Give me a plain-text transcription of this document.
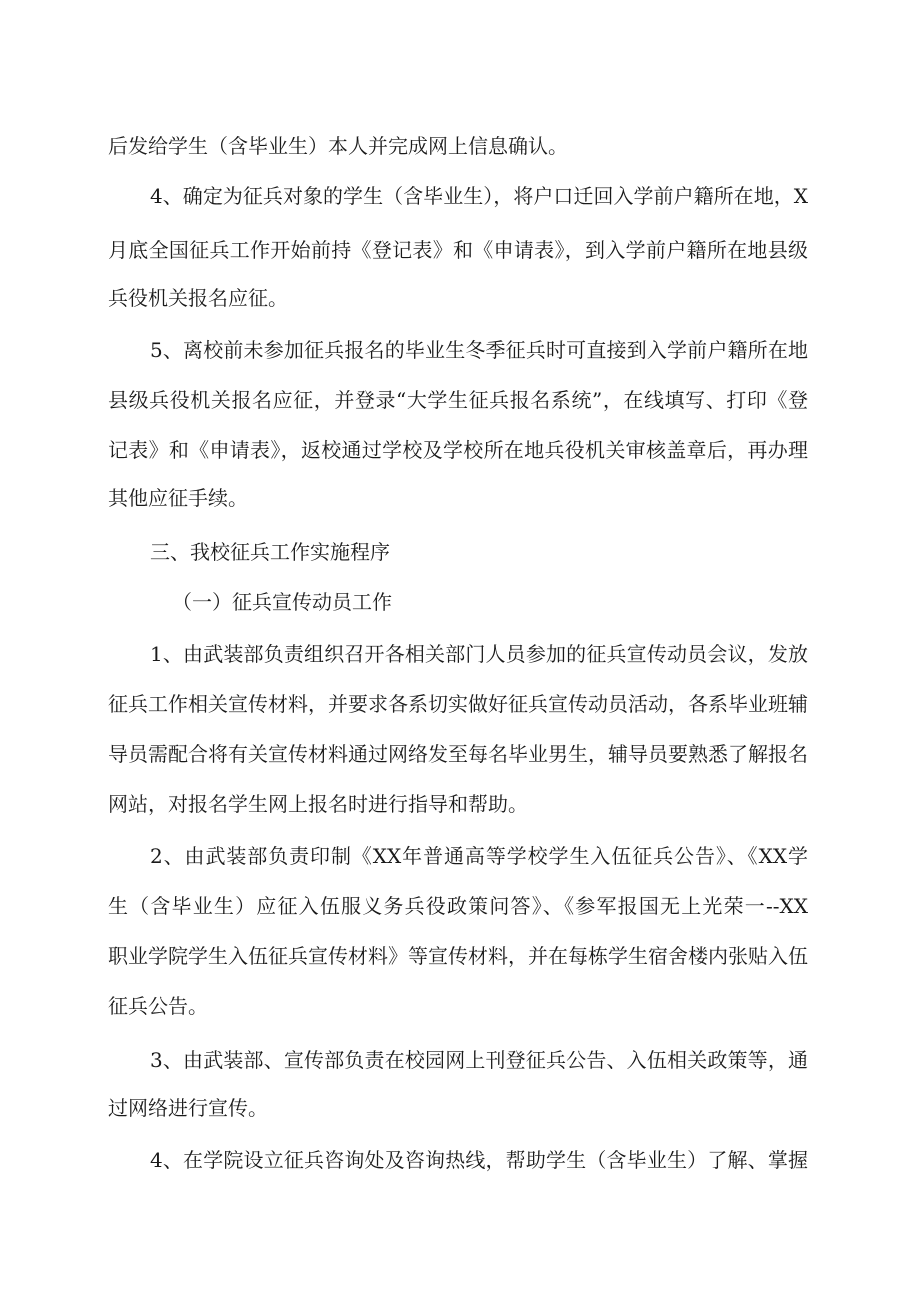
后发给学生（含毕业生）本人并完成网上信息确认。
4、确定为征兵对象的学生（含毕业生），将户口迁回入学前户籍所在地，X
月底全国征兵工作开始前持《登记表》和《申请表》，到入学前户籍所在地县级
兵役机关报名应征。
5、离校前未参加征兵报名的毕业生冬季征兵时可直接到入学前户籍所在地
县级兵役机关报名应征，并登录“大学生征兵报名系统”，在线填写、打印《登
记表》和《申请表》，返校通过学校及学校所在地兵役机关审核盖章后，再办理
其他应征手续。
三、我校征兵工作实施程序
（一）征兵宣传动员工作
1、由武装部负责组织召开各相关部门人员参加的征兵宣传动员会议，发放
征兵工作相关宣传材料，并要求各系切实做好征兵宣传动员活动，各系毕业班辅
导员需配合将有关宣传材料通过网络发至每名毕业男生，辅导员要熟悉了解报名
网站，对报名学生网上报名时进行指导和帮助。
2、由武装部负责印制《XX年普通高等学校学生入伍征兵公告》、《XX学
生（含毕业生）应征入伍服义务兵役政策问答》、《参军报国无上光荣一--XX
职业学院学生入伍征兵宣传材料》等宣传材料，并在每栋学生宿舍楼内张贴入伍
征兵公告。
3、由武装部、宣传部负责在校园网上刊登征兵公告、入伍相关政策等，通
过网络进行宣传。
4、在学院设立征兵咨询处及咨询热线，帮助学生（含毕业生）了解、掌握
